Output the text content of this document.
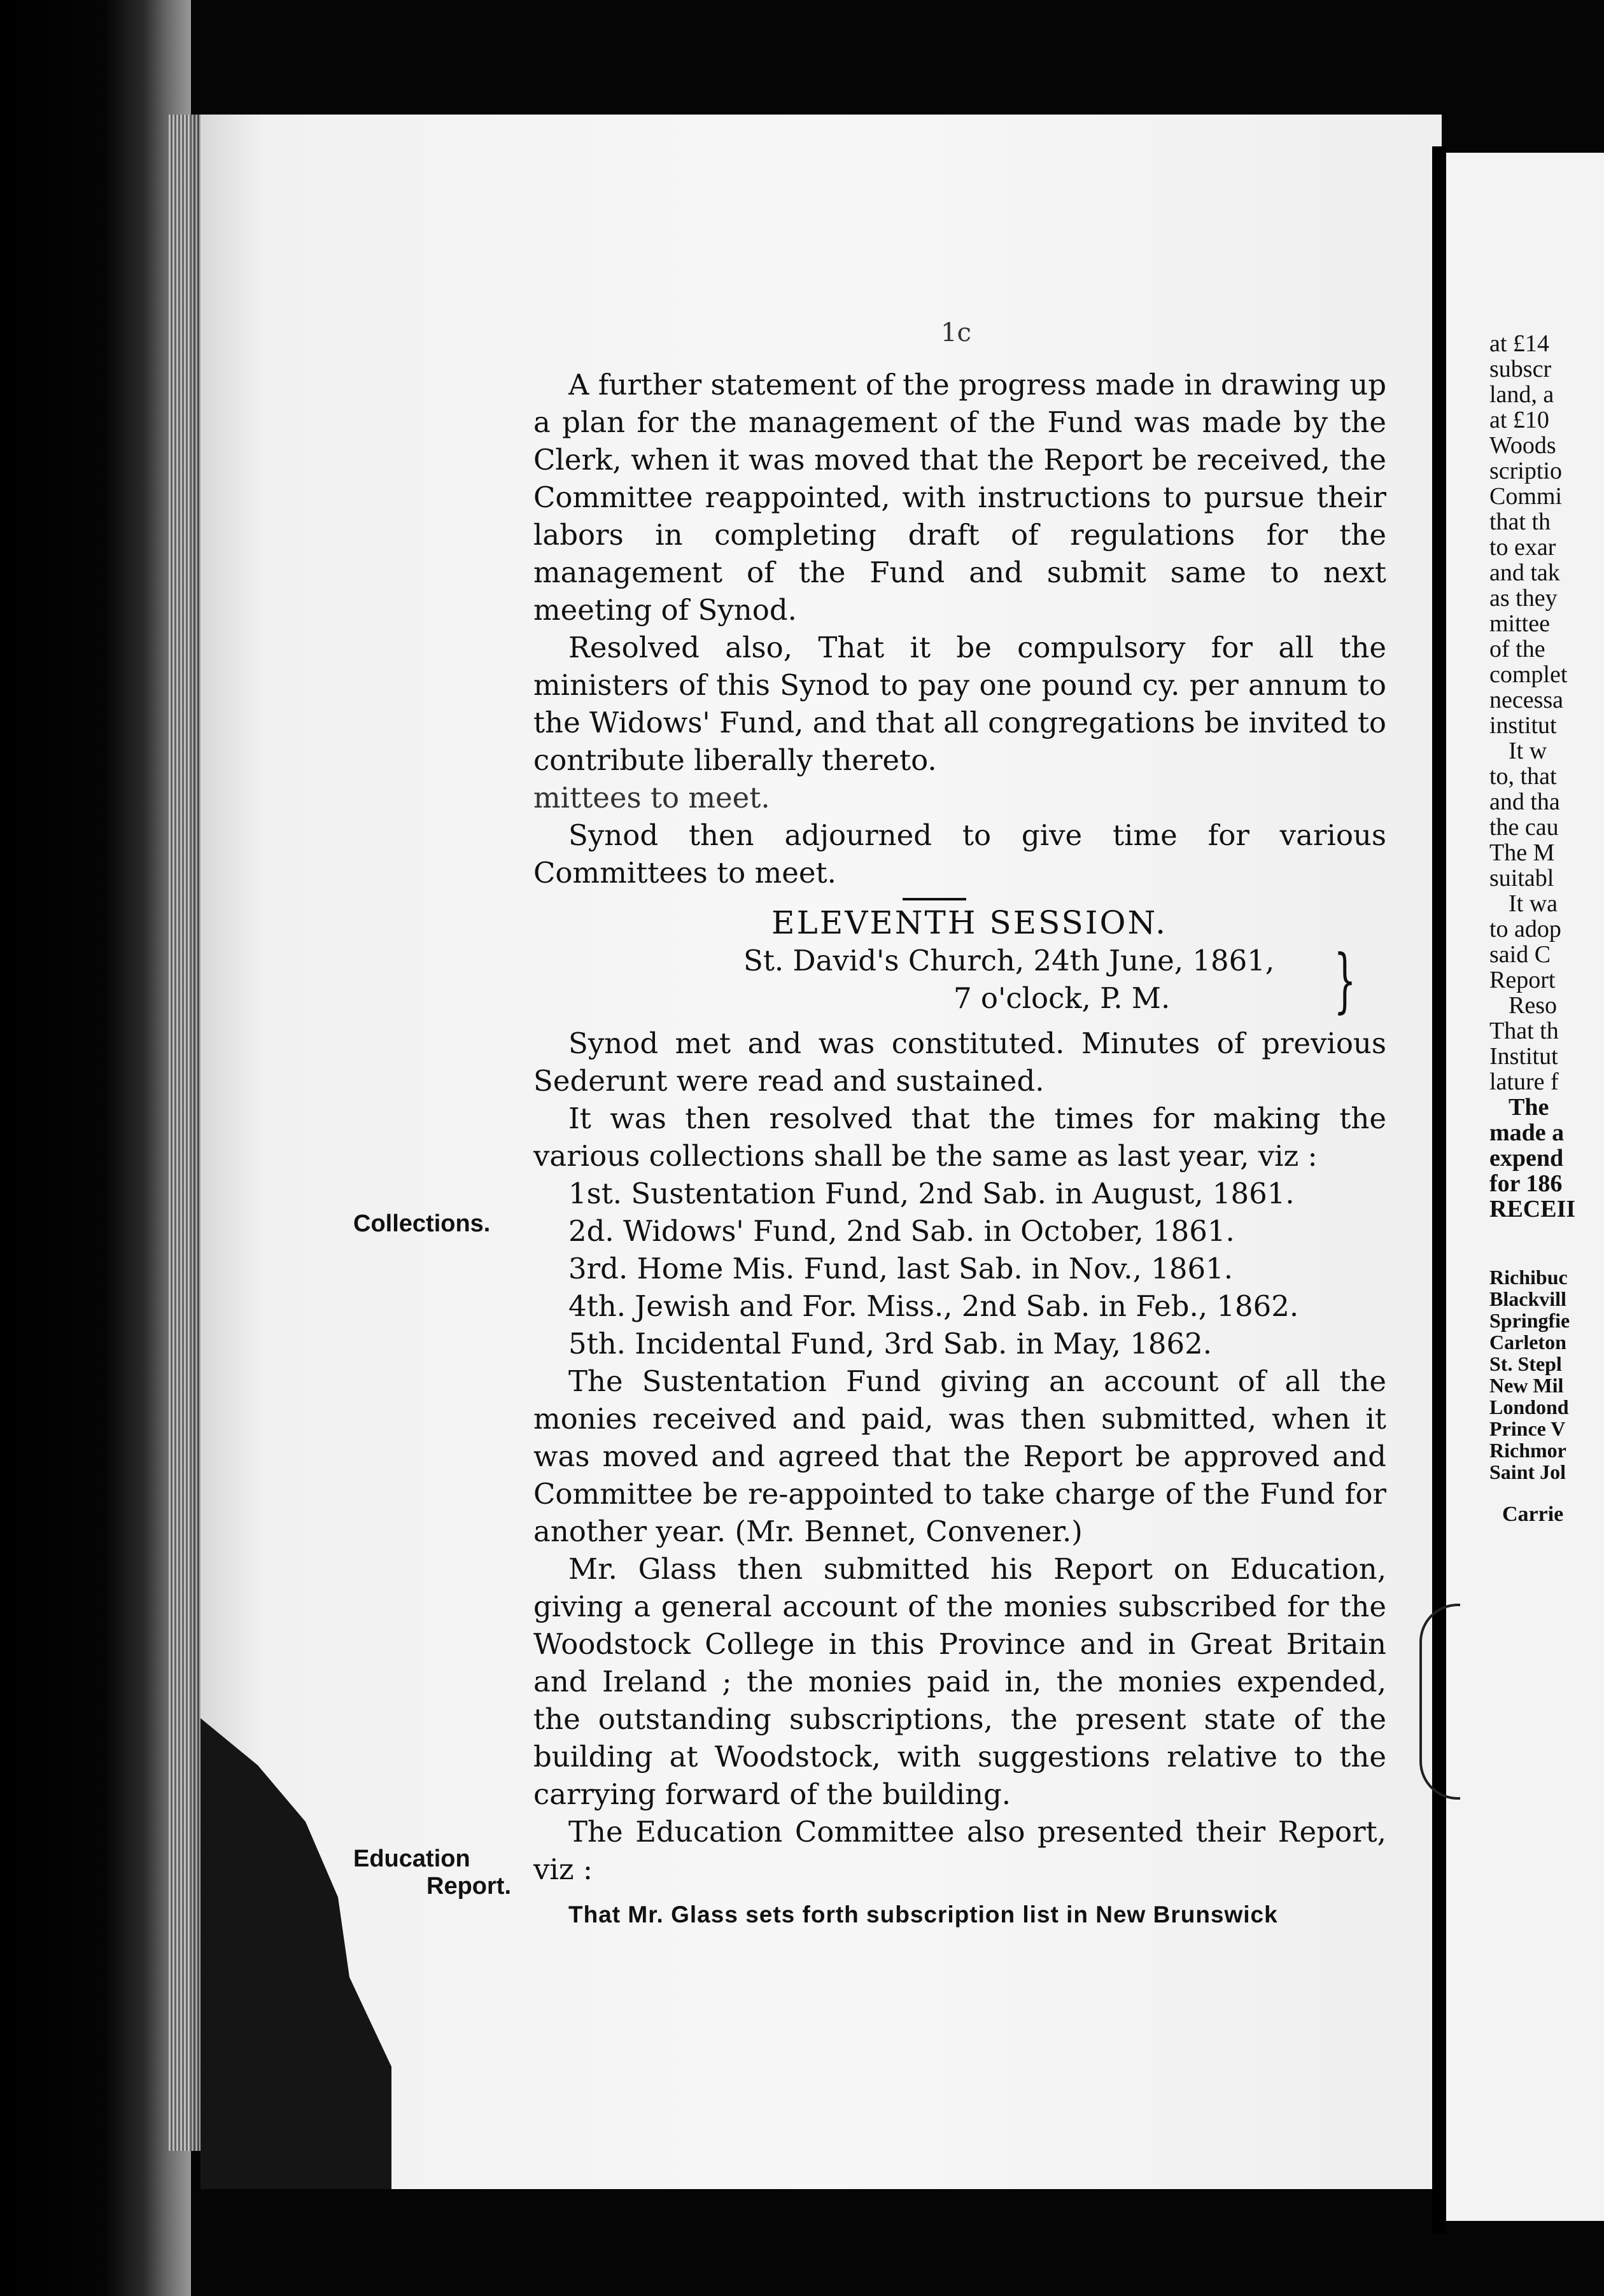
1c
Collections.
Education
Report.

A further statement of the progress made in drawing up a plan for the management of the Fund was made by the Clerk, when it was moved that the Report be received, the Committee reappointed, with instructions to pursue their labors in completing draft of regulations for the management of the Fund and submit same to next meeting of Synod.

Resolved also, That it be compulsory for all the ministers of this Synod to pay one pound cy. per annum to the Widows' Fund, and that all congregations be invited to contribute liberally thereto.

mittees to meet.

Synod then adjourned to give time for various Committees to meet.

ELEVENTH SESSION.

St. David's Church, 24th June, 1861,
7 o'clock, P. M.	}

Synod met and was constituted. Minutes of previous Sederunt were read and sustained.

It was then resolved that the times for making the various collections shall be the same as last year, viz :

1st. Sustentation Fund, 2nd Sab. in August, 1861.

2d. Widows' Fund, 2nd Sab. in October, 1861.

3rd. Home Mis. Fund, last Sab. in Nov., 1861.

4th. Jewish and For. Miss., 2nd Sab. in Feb., 1862.

5th. Incidental Fund, 3rd Sab. in May, 1862.

The Sustentation Fund giving an account of all the monies received and paid, was then submitted, when it was moved and agreed that the Report be approved and Committee be re-appointed to take charge of the Fund for another year. (Mr. Bennet, Convener.)

Mr. Glass then submitted his Report on Education, giving a general account of the monies subscribed for the Woodstock College in this Province and in Great Britain and Ireland ; the monies paid in, the monies expended, the outstanding subscriptions, the present state of the building at Woodstock, with suggestions relative to the carrying forward of the building.

The Education Committee also presented their Report, viz :

That Mr. Glass sets forth subscription list in New Brunswick

at £14
subscr
land, a
at £10
Woods
scriptio
Commi
that th
to exar
and tak
as they
mittee
of the
complet
necessa
institut
It w
to, that
and tha
the cau
The M
suitabl
It wa
to adop
said C
Report
Reso
That th
Institut
lature f
The
made a
expend
for 186
RECEII
Richibuc
Blackvill
Springfie
Carleton
St. Stepl
New Mil
Londond
Prince V
Richmor
Saint Jol
Carrie
